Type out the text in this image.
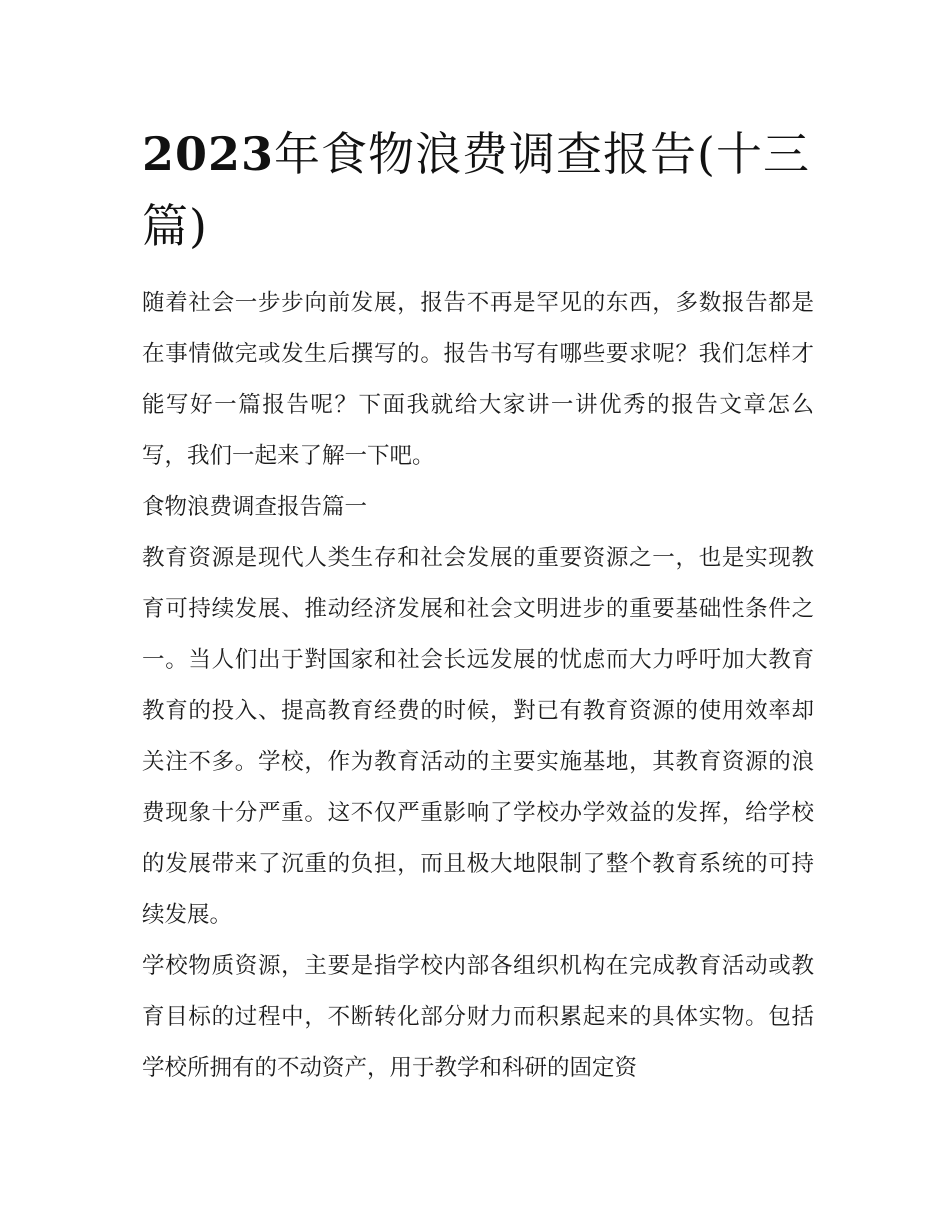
2023年食物浪费调查报告(十三篇)

随着社会一步步向前发展，报告不再是罕见的东西，多数报告都是在事情做完或发生后撰写的。报告书写有哪些要求呢？我们怎样才能写好一篇报告呢？下面我就给大家讲一讲优秀的报告文章怎么写，我们一起来了解一下吧。

食物浪费调查报告篇一

教育资源是现代人类生存和社会发展的重要资源之一，也是实现教育可持续发展、推动经济发展和社会文明进步的重要基础性条件之一。当人们出于對国家和社会长远发展的忧虑而大力呼吁加大教育教育的投入、提高教育经费的时候，對已有教育资源的使用效率却关注不多。学校，作为教育活动的主要实施基地，其教育资源的浪费现象十分严重。这不仅严重影响了学校办学效益的发挥，给学校的发展带来了沉重的负担，而且极大地限制了整个教育系统的可持续发展。

学校物质资源，主要是指学校内部各组织机构在完成教育活动或教育目标的过程中，不断转化部分财力而积累起来的具体实物。包括学校所拥有的不动资产，用于教学和科研的固定资
